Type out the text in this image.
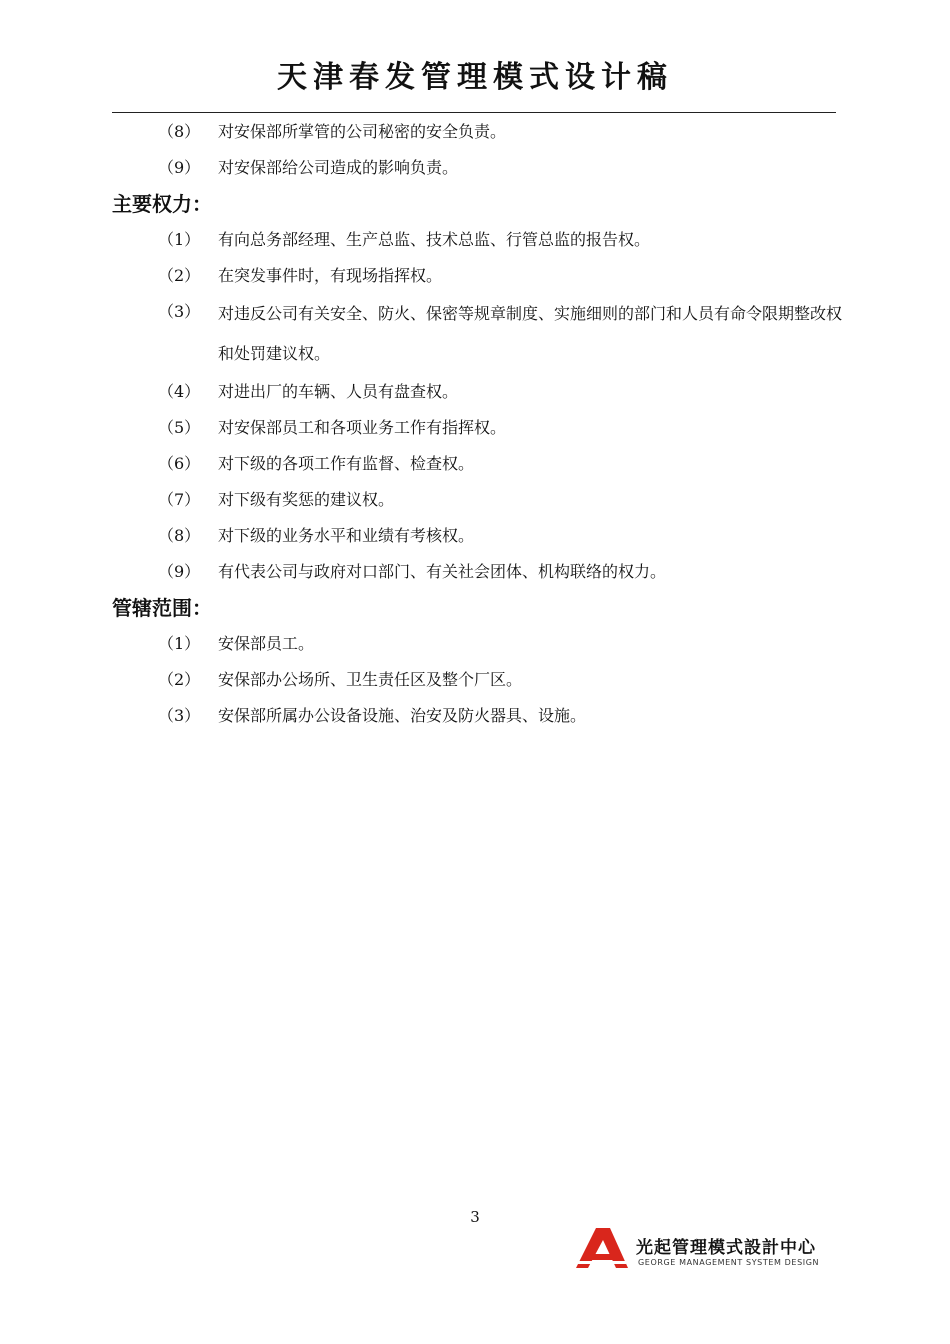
天津春发管理模式设计稿
（8） 对安保部所掌管的公司秘密的安全负责。
（9） 对安保部给公司造成的影响负责。
主要权力：
（1） 有向总务部经理、生产总监、技术总监、行管总监的报告权。
（2） 在突发事件时，有现场指挥权。
（3） 对违反公司有关安全、防火、保密等规章制度、实施细则的部门和人员有命令限期整改权和处罚建议权。
（4） 对进出厂的车辆、人员有盘查权。
（5） 对安保部员工和各项业务工作有指挥权。
（6） 对下级的各项工作有监督、检查权。
（7） 对下级有奖惩的建议权。
（8） 对下级的业务水平和业绩有考核权。
（9） 有代表公司与政府对口部门、有关社会团体、机构联络的权力。
管辖范围：
（1） 安保部员工。
（2） 安保部办公场所、卫生责任区及整个厂区。
（3） 安保部所属办公设备设施、治安及防火器具、设施。
3
光起管理模式設計中心
GEORGE MANAGEMENT SYSTEM DESIGN
